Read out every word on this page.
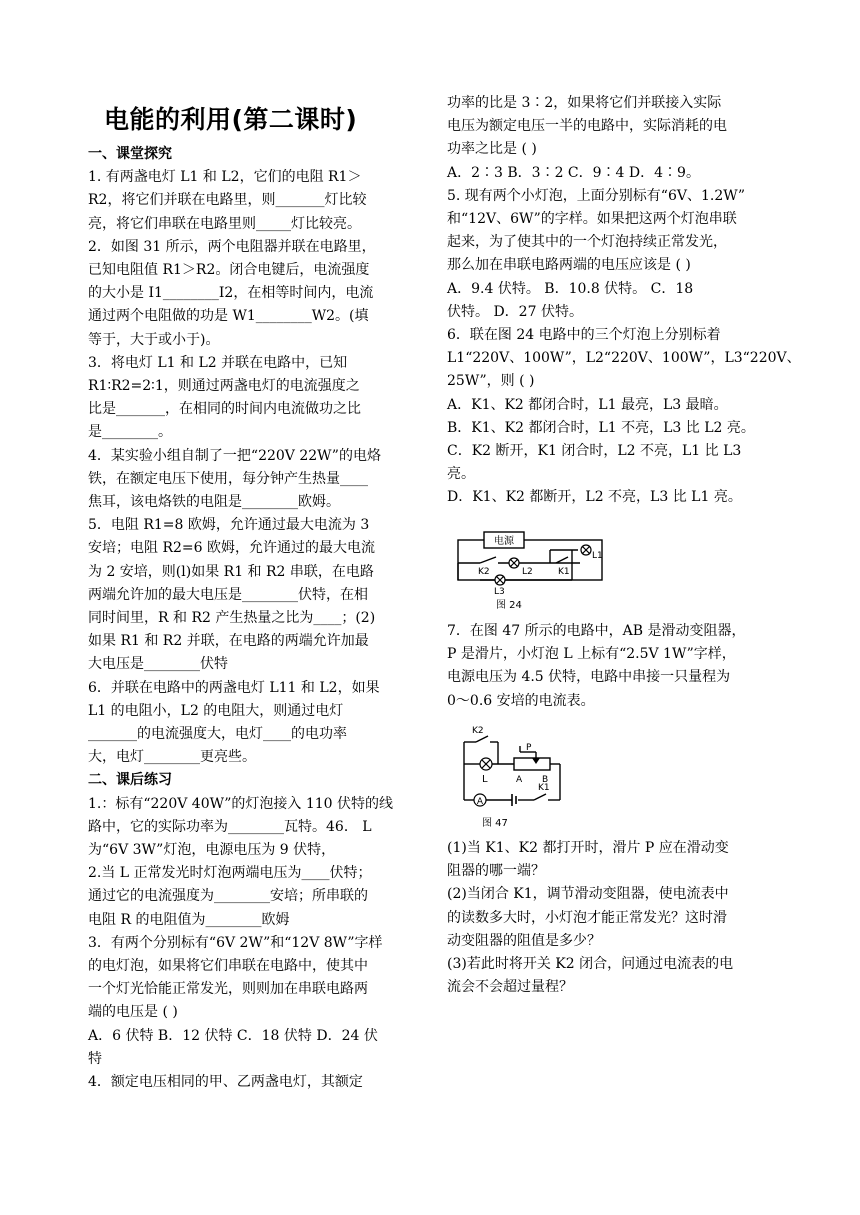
电能的利用(第二课时)
一、课堂探究
1. 有两盏电灯 L1 和 L2，它们的电阻 R1＞
R2，将它们并联在电路里，则_______灯比较
亮，将它们串联在电路里则_____灯比较亮。
2．如图 31 所示，两个电阻器并联在电路里，
已知电阻值 R1＞R2。闭合电键后，电流强度
的大小是 I1________I2，在相等时间内，电流
通过两个电阻做的功是 W1________W2。(填
等于，大于或小于)。
3．将电灯 L1 和 L2 并联在电路中，已知
R1∶R2=2∶1，则通过两盏电灯的电流强度之
比是_______，在相同的时间内电流做功之比
是________。
4．某实验小组自制了一把“220V 22W”的电烙
铁，在额定电压下使用，每分钟产生热量____
焦耳，该电烙铁的电阻是________欧姆。
5．电阻 R1=8 欧姆，允许通过最大电流为 3
安培；电阻 R2=6 欧姆，允许通过的最大电流
为 2 安培，则(l)如果 R1 和 R2 串联，在电路
两端允许加的最大电压是________伏特，在相
同时间里，R 和 R2 产生热量之比为____；(2)
如果 R1 和 R2 并联，在电路的两端允许加最
大电压是________伏特
6．并联在电路中的两盏电灯 L11 和 L2，如果
L1 的电阻小，L2 的电阻大，则通过电灯
_______的电流强度大，电灯____的电功率
大，电灯________更亮些。
二、课后练习
1.：标有“220V 40W”的灯泡接入 110 伏特的线
路中，它的实际功率为________瓦特。46． L
为“6V 3W”灯泡，电源电压为 9 伏特，
2.当 L 正常发光时灯泡两端电压为____伏特；
通过它的电流强度为________安培；所串联的
电阻 R 的电阻值为________欧姆
3．有两个分别标有“6V 2W”和“12V 8W”字样
的电灯泡，如果将它们串联在电路中，使其中
一个灯光恰能正常发光，则则加在串联电路两
端的电压是 ( )
A．6 伏特 B．12 伏特 C．18 伏特 D．24 伏
特
4．额定电压相同的甲、乙两盏电灯，其额定
功率的比是 3∶2，如果将它们并联接入实际
电压为额定电压一半的电路中，实际消耗的电
功率之比是 ( )
A．2∶3 B．3∶2 C．9∶4 D．4∶9。
5. 现有两个小灯泡，上面分别标有“6V、1.2W”
和“12V、6W”的字样。如果把这两个灯泡串联
起来，为了使其中的一个灯泡持续正常发光，
那么加在串联电路两端的电压应该是 ( )
A．9.4 伏特。 B．10.8 伏特。 C．18
伏特。 D．27 伏特。
6．联在图 24 电路中的三个灯泡上分别标着
L1“220V、100W”，L2“220V、100W”，L3“220V、
25W”，则 ( )
A．K1、K2 都闭合时，L1 最亮，L3 最暗。
B．K1、K2 都闭合时，L1 不亮，L3 比 L2 亮。
C．K2 断开，K1 闭合时，L2 不亮，L1 比 L3
亮。
D．K1、K2 都断开，L2 不亮，L3 比 L1 亮。
7．在图 47 所示的电路中，AB 是滑动变阻器，
P 是滑片，小灯泡 L 上标有“2.5V 1W”字样，
电源电压为 4.5 伏特，电路中串接一只量程为
0～0.6 安培的电流表。
(1)当 K1、K2 都打开时，滑片 P 应在滑动变
阻器的哪一端？
(2)当闭合 K1，调节滑动变阻器，使电流表中
的读数多大时，小灯泡才能正常发光？这时滑
动变阻器的阻值是多少？
(3)若此时将开关 K2 闭合，问通过电流表的电
流会不会超过量程？
电源
L1
L2
L3
K1
K2
图 24
A
K2
K1
L
P
A B
图 47
